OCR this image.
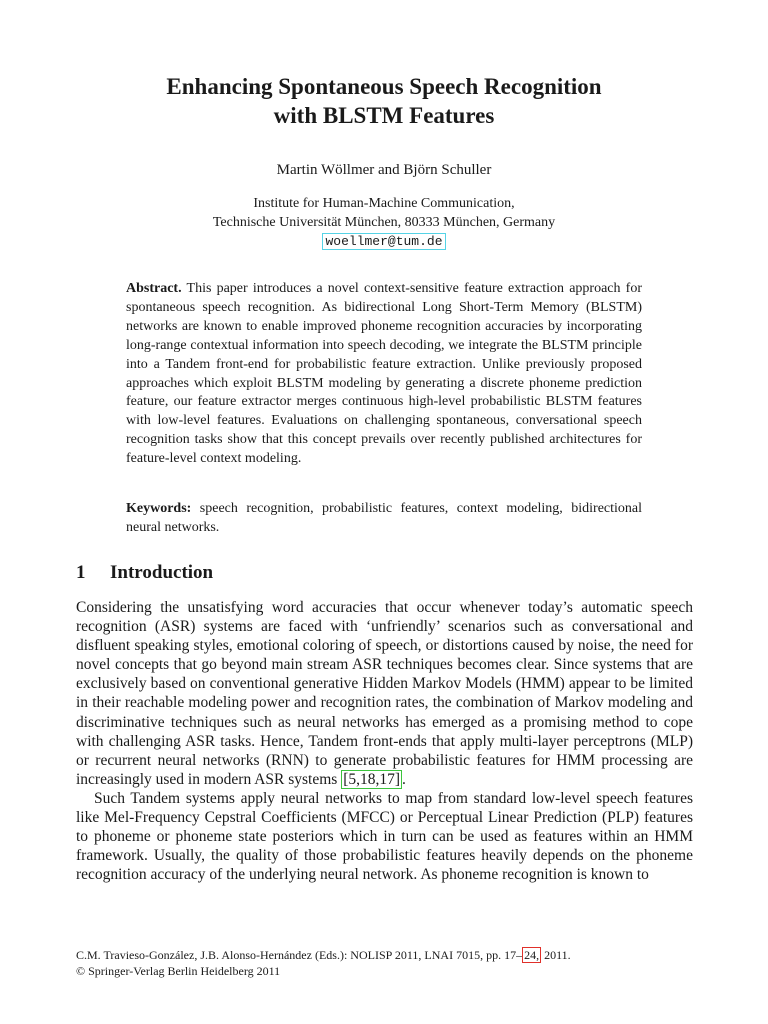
Enhancing Spontaneous Speech Recognition
with BLSTM Features
Martin Wöllmer and Björn Schuller
Institute for Human-Machine Communication,
Technische Universität München, 80333 München, Germany
woellmer@tum.de

Abstract. This paper introduces a novel context-sensitive feature extraction approach for spontaneous speech recognition. As bidirectional Long Short-Term Memory (BLSTM) networks are known to enable improved phoneme recognition accuracies by incorporating long-range contextual information into speech decoding, we integrate the BLSTM principle into a Tandem front-end for probabilistic feature extraction. Unlike previously proposed approaches which exploit BLSTM modeling by generating a discrete phoneme prediction feature, our feature extractor merges continuous high-level probabilistic BLSTM features with low-level features. Evaluations on challenging spontaneous, conversational speech recognition tasks show that this concept prevails over recently published architectures for feature-level context modeling.

Keywords: speech recognition, probabilistic features, context modeling, bidirectional neural networks.
1 Introduction

Considering the unsatisfying word accuracies that occur whenever today’s automatic speech recognition (ASR) systems are faced with ‘unfriendly’ scenarios such as conversational and disfluent speaking styles, emotional coloring of speech, or distortions caused by noise, the need for novel concepts that go beyond main stream ASR techniques becomes clear. Since systems that are exclusively based on conventional generative Hidden Markov Models (HMM) appear to be limited in their reachable modeling power and recognition rates, the combination of Markov modeling and discriminative techniques such as neural networks has emerged as a promising method to cope with challenging ASR tasks. Hence, Tandem front-ends that apply multi-layer perceptrons (MLP) or recurrent neural networks (RNN) to generate probabilistic features for HMM processing are increasingly used in modern ASR systems [5,18,17] .

Such Tandem systems apply neural networks to map from standard low-level speech features like Mel-Frequency Cepstral Coefficients (MFCC) or Perceptual Linear Prediction (PLP) features to phoneme or phoneme state posteriors which in turn can be used as features within an HMM framework. Usually, the quality of those probabilistic features heavily depends on the phoneme recognition accuracy of the underlying neural network. As phoneme recognition is known to

C.M. Travieso-González, J.B. Alonso-Hernández (Eds.): NOLISP 2011, LNAI 7015, pp. 17– 24, 2011.
© Springer-Verlag Berlin Heidelberg 2011
